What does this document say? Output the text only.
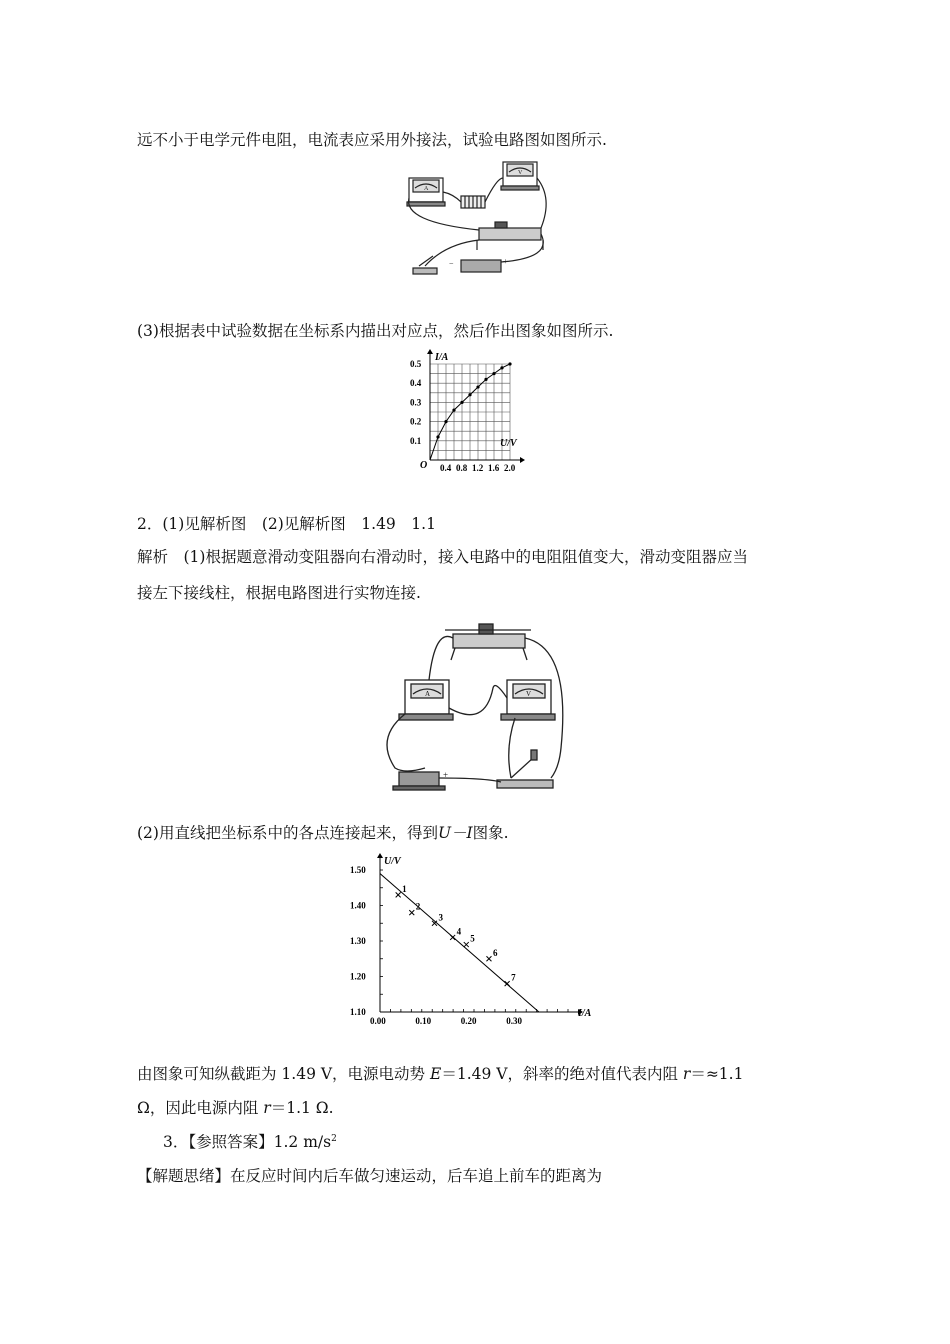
远不小于电学元件电阻，电流表应采用外接法，试验电路图如图所示.
A
V
−	+
(3)根据表中试验数据在坐标系内描出对应点，然后作出图象如图所示.
I/A
U/V
O 0.4 0.8 1.2 1.6 2.0
0.1
0.2
0.3
0.4
0.5
2．(1)见解析图　(2)见解析图　1.49　1.1
解析　(1)根据题意滑动变阻器向右滑动时，接入电路中的电阻阻值变大，滑动变阻器应当
接左下接线柱，根据电路图进行实物连接.
A	V
+
(2)用直线把坐标系中的各点连接起来，得到U－I图象.
U/V
I/A
0.00	0.10	0.20	0.30
1.10
1.20
1.30
1.40
1.50
1
2
3
4
5
6
7
由图象可知纵截距为 1.49 V，电源电动势 E＝1.49 V，斜率的绝对值代表内阻 r＝≈1.1
Ω，因此电源内阻 r＝1.1 Ω.
3．【参照答案】1.2 $m/s^2$
【解题思绪】在反应时间内后车做匀速运动，后车追上前车的距离为
